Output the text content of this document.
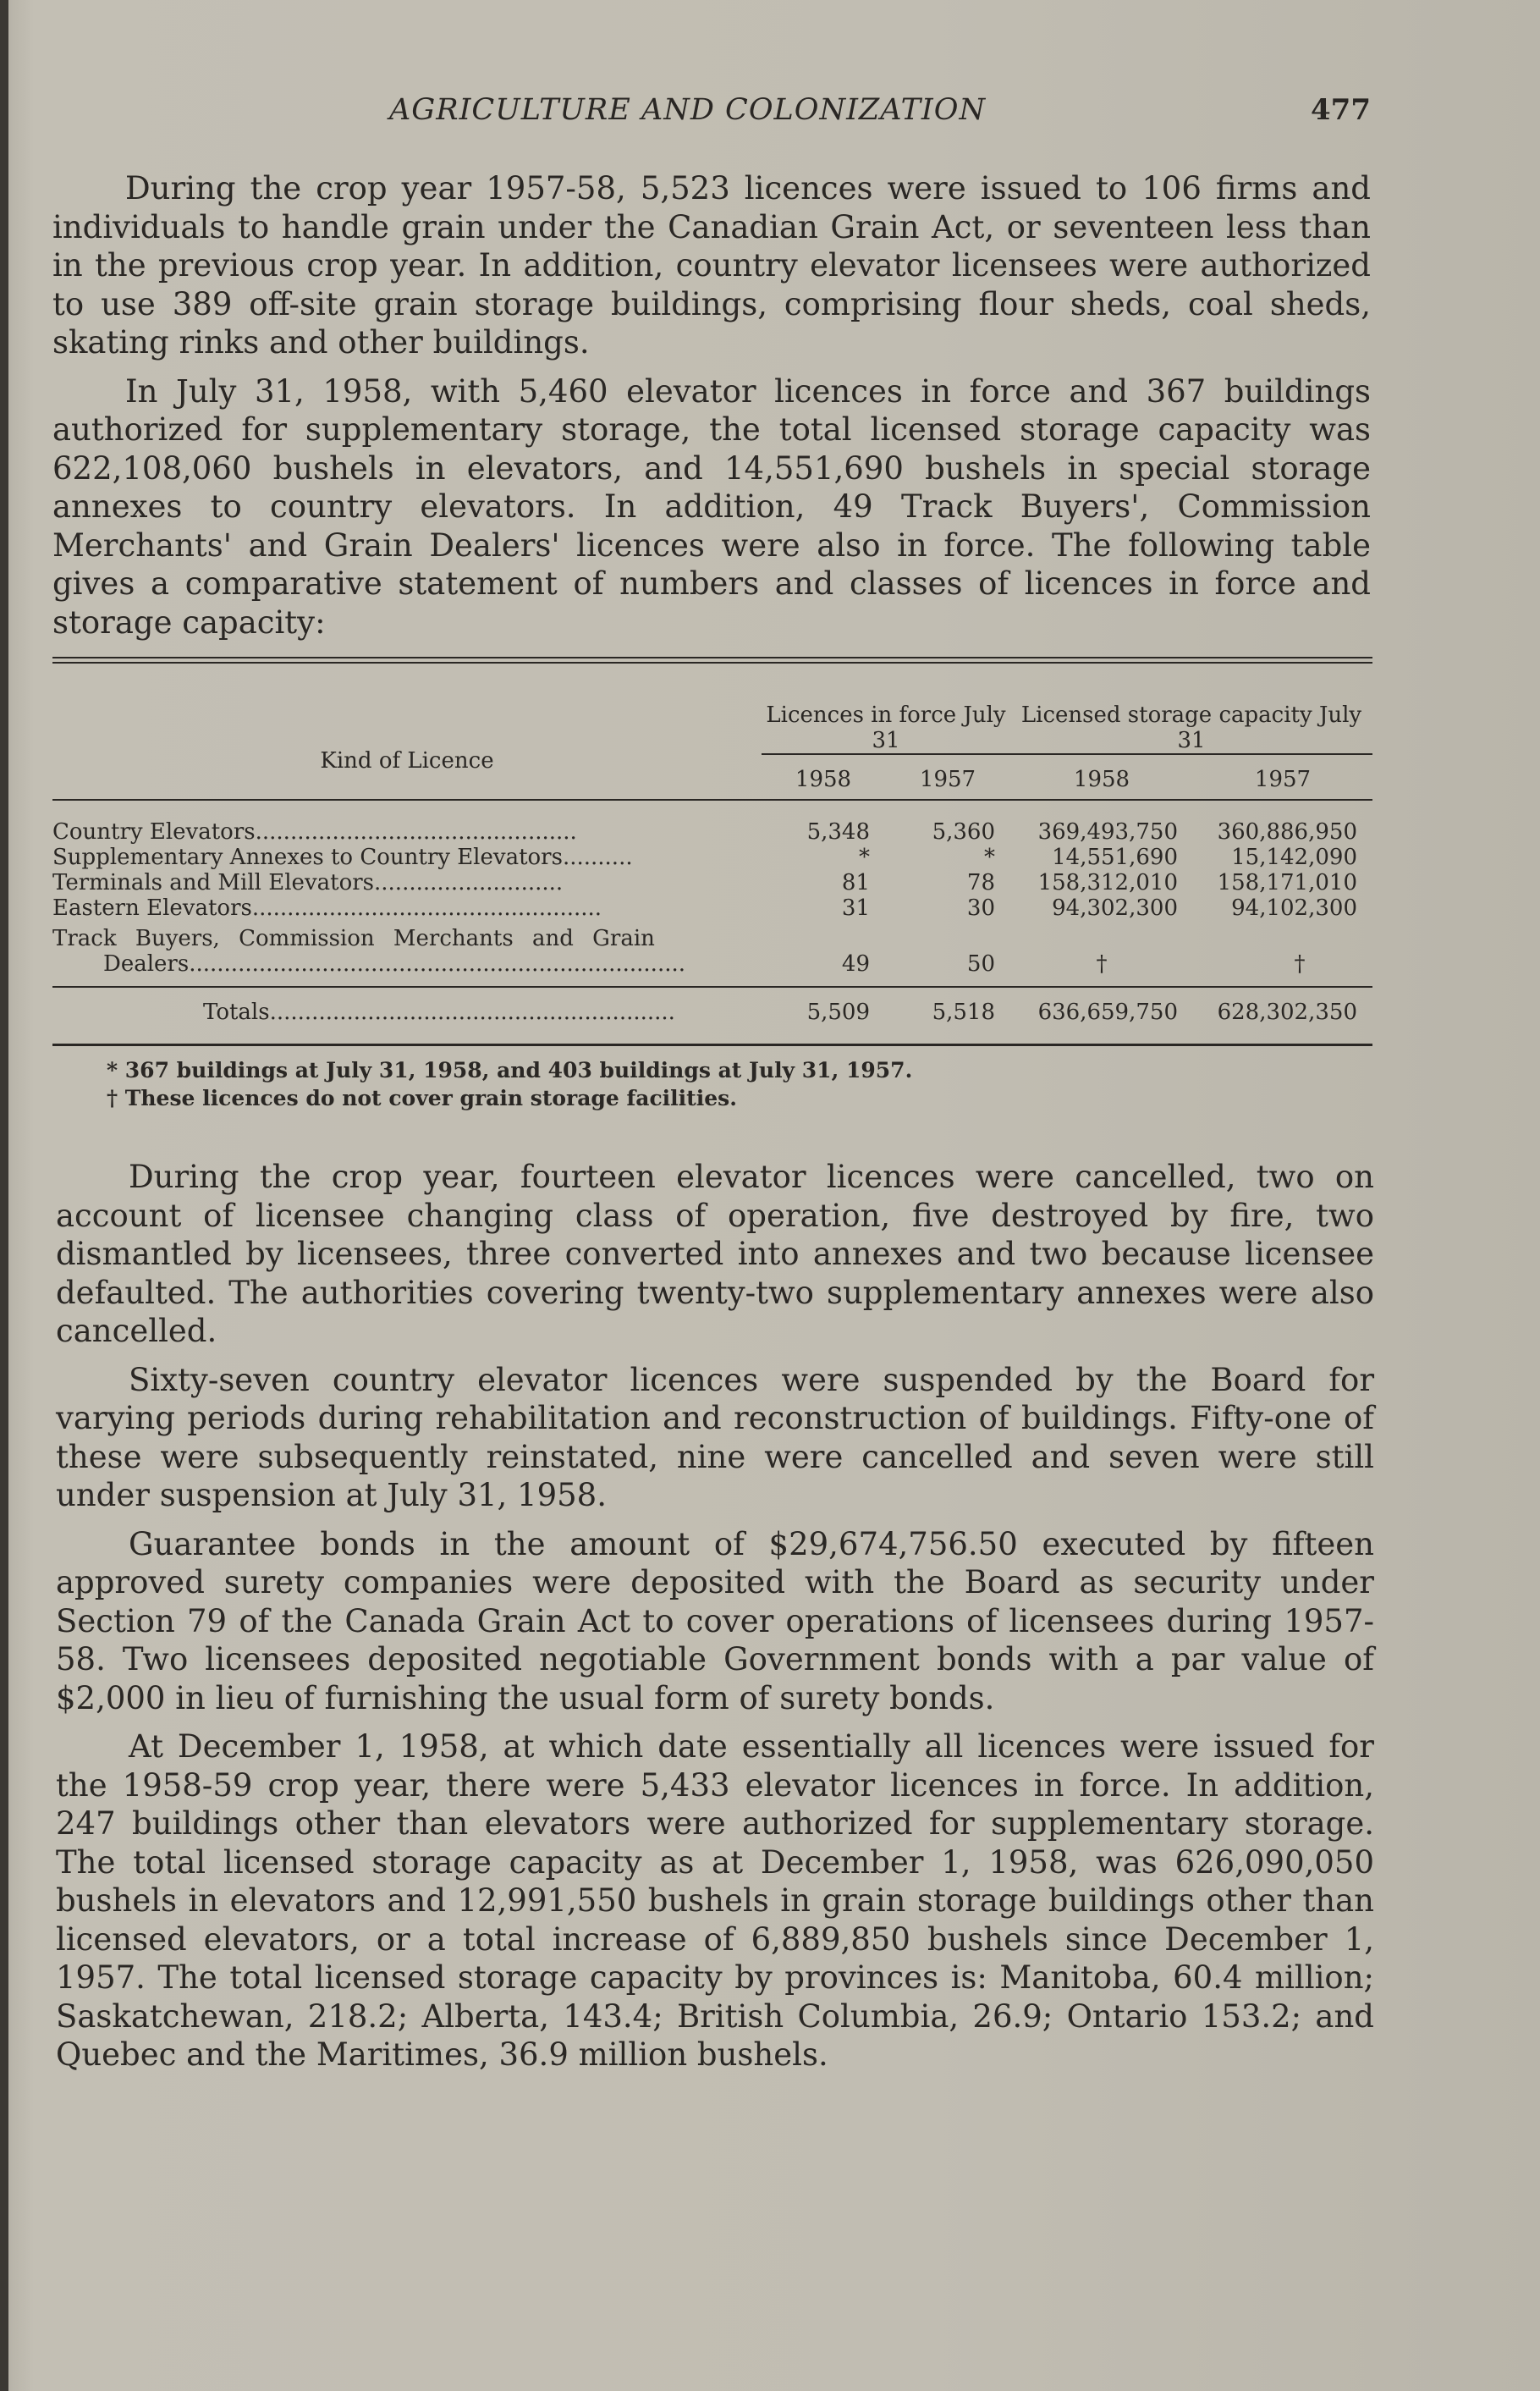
AGRICULTURE AND COLONIZATION	477

During the crop year 1957-58, 5,523 licences were issued to 106 firms and individuals to handle grain under the Canadian Grain Act, or seventeen less than in the previous crop year. In addition, country elevator licensees were authorized to use 389 off-site grain storage buildings, comprising flour sheds, coal sheds, skating rinks and other buildings.

In July 31, 1958, with 5,460 elevator licences in force and 367 buildings authorized for supplementary storage, the total licensed storage capacity was 622,108,060 bushels in elevators, and 14,551,690 bushels in special storage annexes to country elevators. In addition, 49 Track Buyers', Commission Merchants' and Grain Dealers' licences were also in force. The following table gives a comparative statement of numbers and classes of licences in force and storage capacity:

Kind of Licence	Licences in force July 31		Licensed storage capacity July 31	
	1958	1957	1958	1957

Country Elevators..............................................	5,348	5,360	369,493,750	360,886,950
Supplementary Annexes to Country Elevators..........	*	*	14,551,690	15,142,090
Terminals and Mill Elevators...........................	81	78	158,312,010	158,171,010
Eastern Elevators..................................................	31	30	94,302,300	94,102,300

Track Buyers, Commission Merchants and Grain
Dealers.......................................................................	49	50	†	†

Totals..........................................................	5,509	5,518	636,659,750	628,302,350
* 367 buildings at July 31, 1958, and 403 buildings at July 31, 1957.
† These licences do not cover grain storage facilities.

During the crop year, fourteen elevator licences were cancelled, two on account of licensee changing class of operation, five destroyed by fire, two dismantled by licensees, three converted into annexes and two because licensee defaulted. The authorities covering twenty-two supplementary annexes were also cancelled.

Sixty-seven country elevator licences were suspended by the Board for varying periods during rehabilitation and reconstruction of buildings. Fifty-one of these were subsequently reinstated, nine were cancelled and seven were still under suspension at July 31, 1958.

Guarantee bonds in the amount of $29,674,756.50 executed by fifteen approved surety companies were deposited with the Board as security under Section 79 of the Canada Grain Act to cover operations of licensees during 1957-58. Two licensees deposited negotiable Government bonds with a par value of $2,000 in lieu of furnishing the usual form of surety bonds.

At December 1, 1958, at which date essentially all licences were issued for the 1958-59 crop year, there were 5,433 elevator licences in force. In addition, 247 buildings other than elevators were authorized for supplementary storage. The total licensed storage capacity as at December 1, 1958, was 626,090,050 bushels in elevators and 12,991,550 bushels in grain storage buildings other than licensed elevators, or a total increase of 6,889,850 bushels since December 1, 1957. The total licensed storage capacity by provinces is: Manitoba, 60.4 million; Saskatchewan, 218.2; Alberta, 143.4; British Columbia, 26.9; Ontario 153.2; and Quebec and the Maritimes, 36.9 million bushels.
